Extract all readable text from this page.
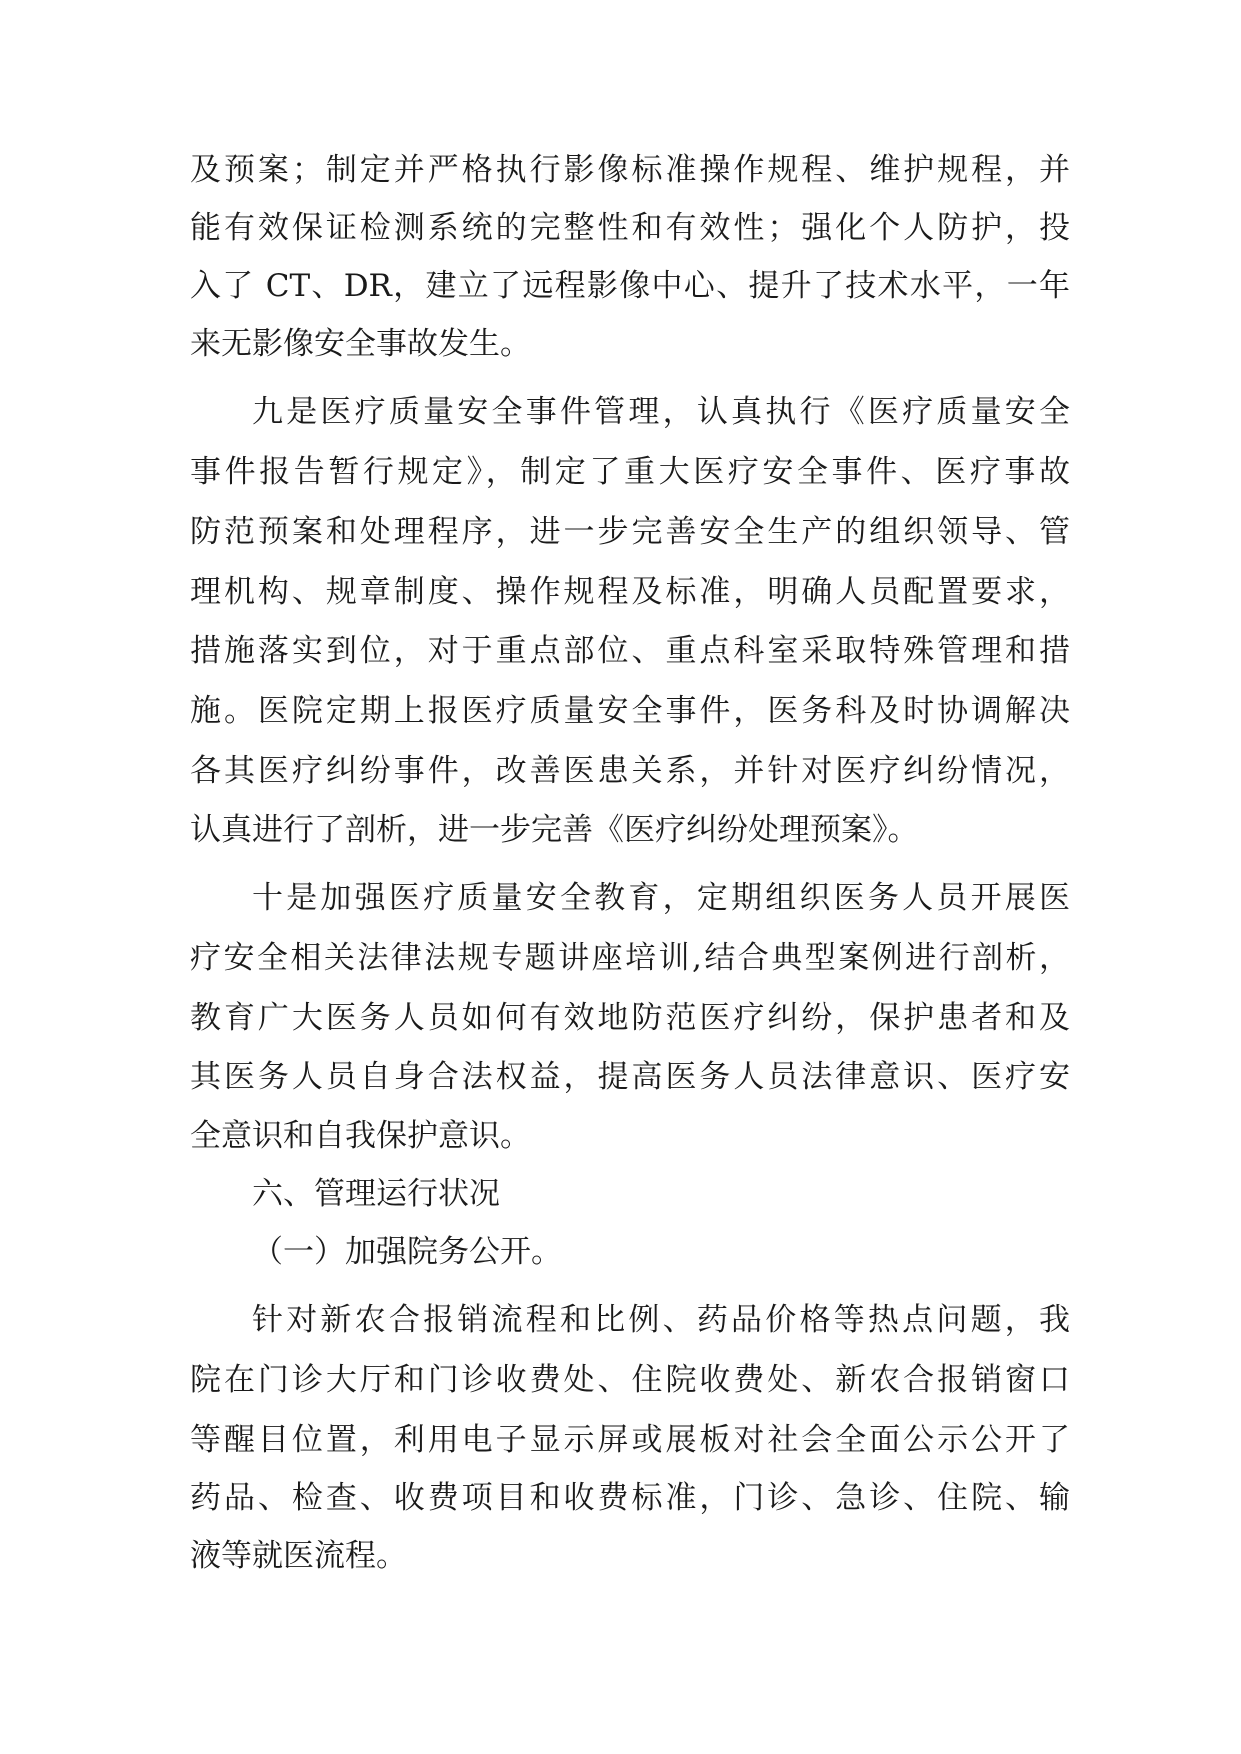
及预案；制定并严格执行影像标准操作规程、维护规程，并
能有效保证检测系统的完整性和有效性；强化个人防护，投
入了 CT、DR，建立了远程影像中心、提升了技术水平，一年
来无影像安全事故发生。
九是医疗质量安全事件管理，认真执行《医疗质量安全
事件报告暂行规定》，制定了重大医疗安全事件、医疗事故
防范预案和处理程序，进一步完善安全生产的组织领导、管
理机构、规章制度、操作规程及标准，明确人员配置要求，
措施落实到位，对于重点部位、重点科室采取特殊管理和措
施。医院定期上报医疗质量安全事件，医务科及时协调解决
各其医疗纠纷事件，改善医患关系，并针对医疗纠纷情况，
认真进行了剖析，进一步完善《医疗纠纷处理预案》。
十是加强医疗质量安全教育，定期组织医务人员开展医
疗安全相关法律法规专题讲座培训,结合典型案例进行剖析，
教育广大医务人员如何有效地防范医疗纠纷，保护患者和及
其医务人员自身合法权益，提高医务人员法律意识、医疗安
全意识和自我保护意识。
六、管理运行状况
（一）加强院务公开。
针对新农合报销流程和比例、药品价格等热点问题，我
院在门诊大厅和门诊收费处、住院收费处、新农合报销窗口
等醒目位置，利用电子显示屏或展板对社会全面公示公开了
药品、检查、收费项目和收费标准，门诊、急诊、住院、输
液等就医流程。
